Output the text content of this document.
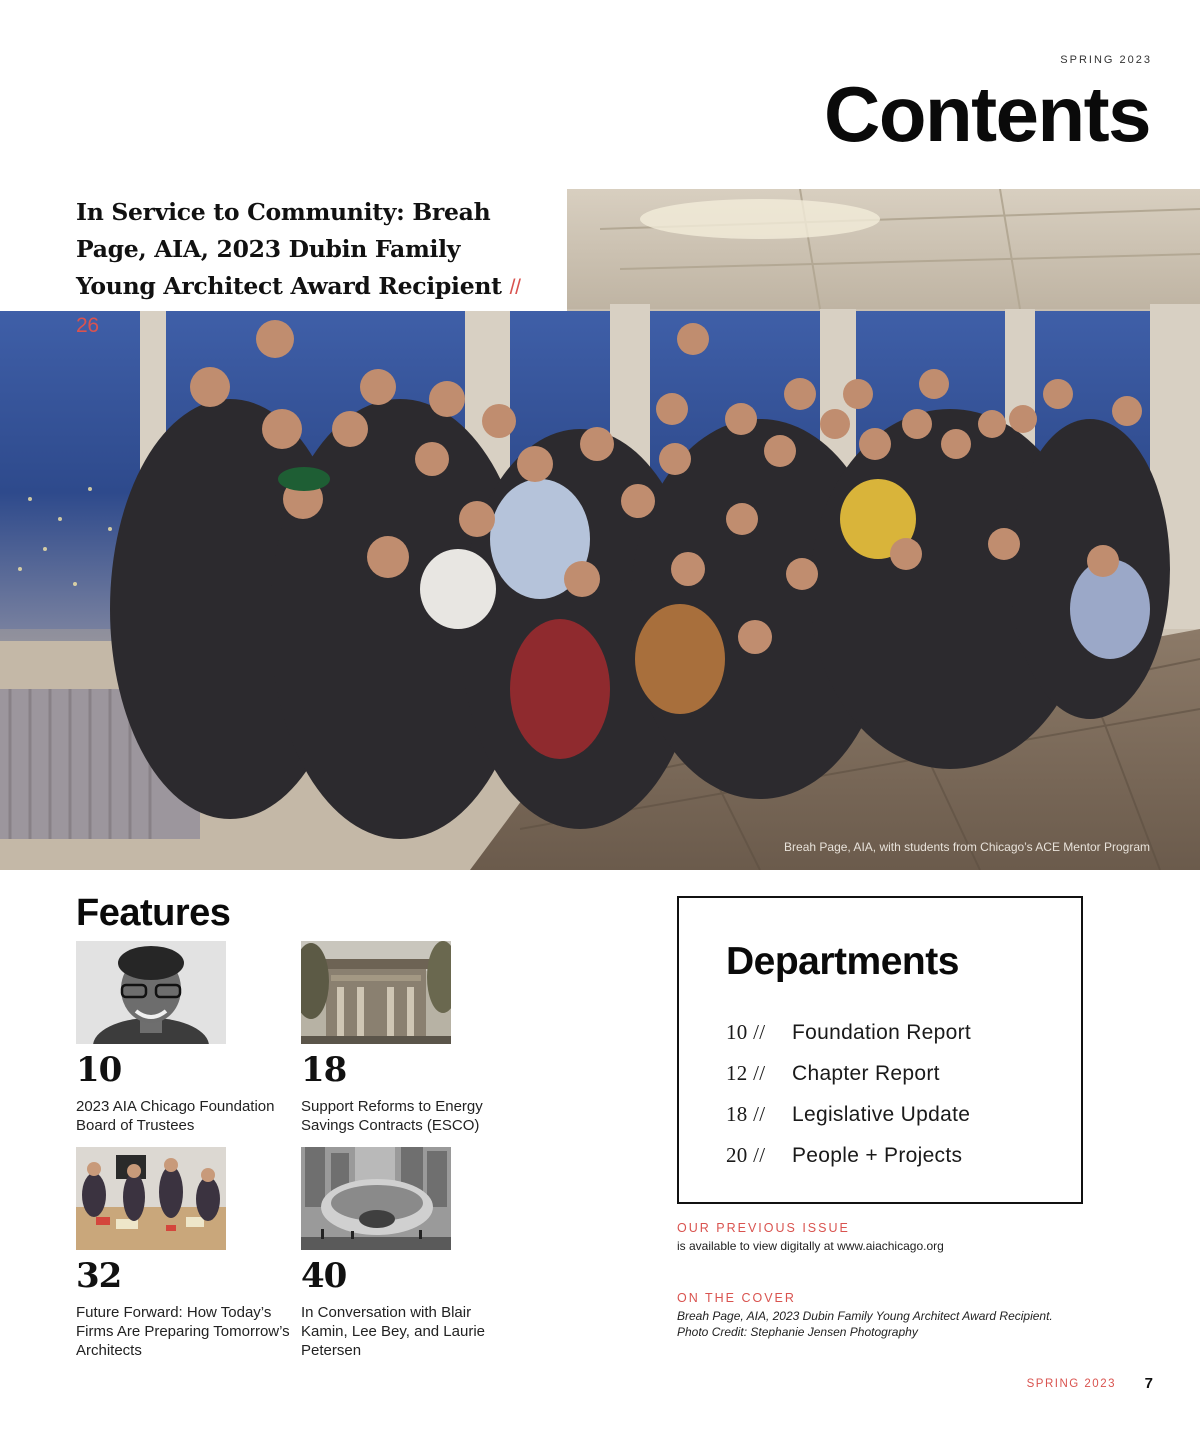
SPRING 2023
Contents
Breah Page, AIA, with students from Chicago’s ACE Mentor Program
In Service to Community: Breah Page, AIA, 2023 Dubin Family Young Architect Award Recipient // 26
Features
10
2023 AIA Chicago Foundation Board of Trustees
18
Support Reforms to Energy Savings Contracts (ESCO)
32
Future Forward: How Today’s Firms Are Preparing Tomorrow’s Architects
40
In Conversation with Blair Kamin, Lee Bey, and Laurie Petersen
Departments
10 //	Foundation Report
12 //	Chapter Report
18 //	Legislative Update
20 //	People + Projects
OUR PREVIOUS ISSUE
is available to view digitally at www.aiachicago.org
ON THE COVER
Breah Page, AIA, 2023 Dubin Family Young Architect Award Recipient.
Photo Credit: Stephanie Jensen Photography
SPRING 2023 7
